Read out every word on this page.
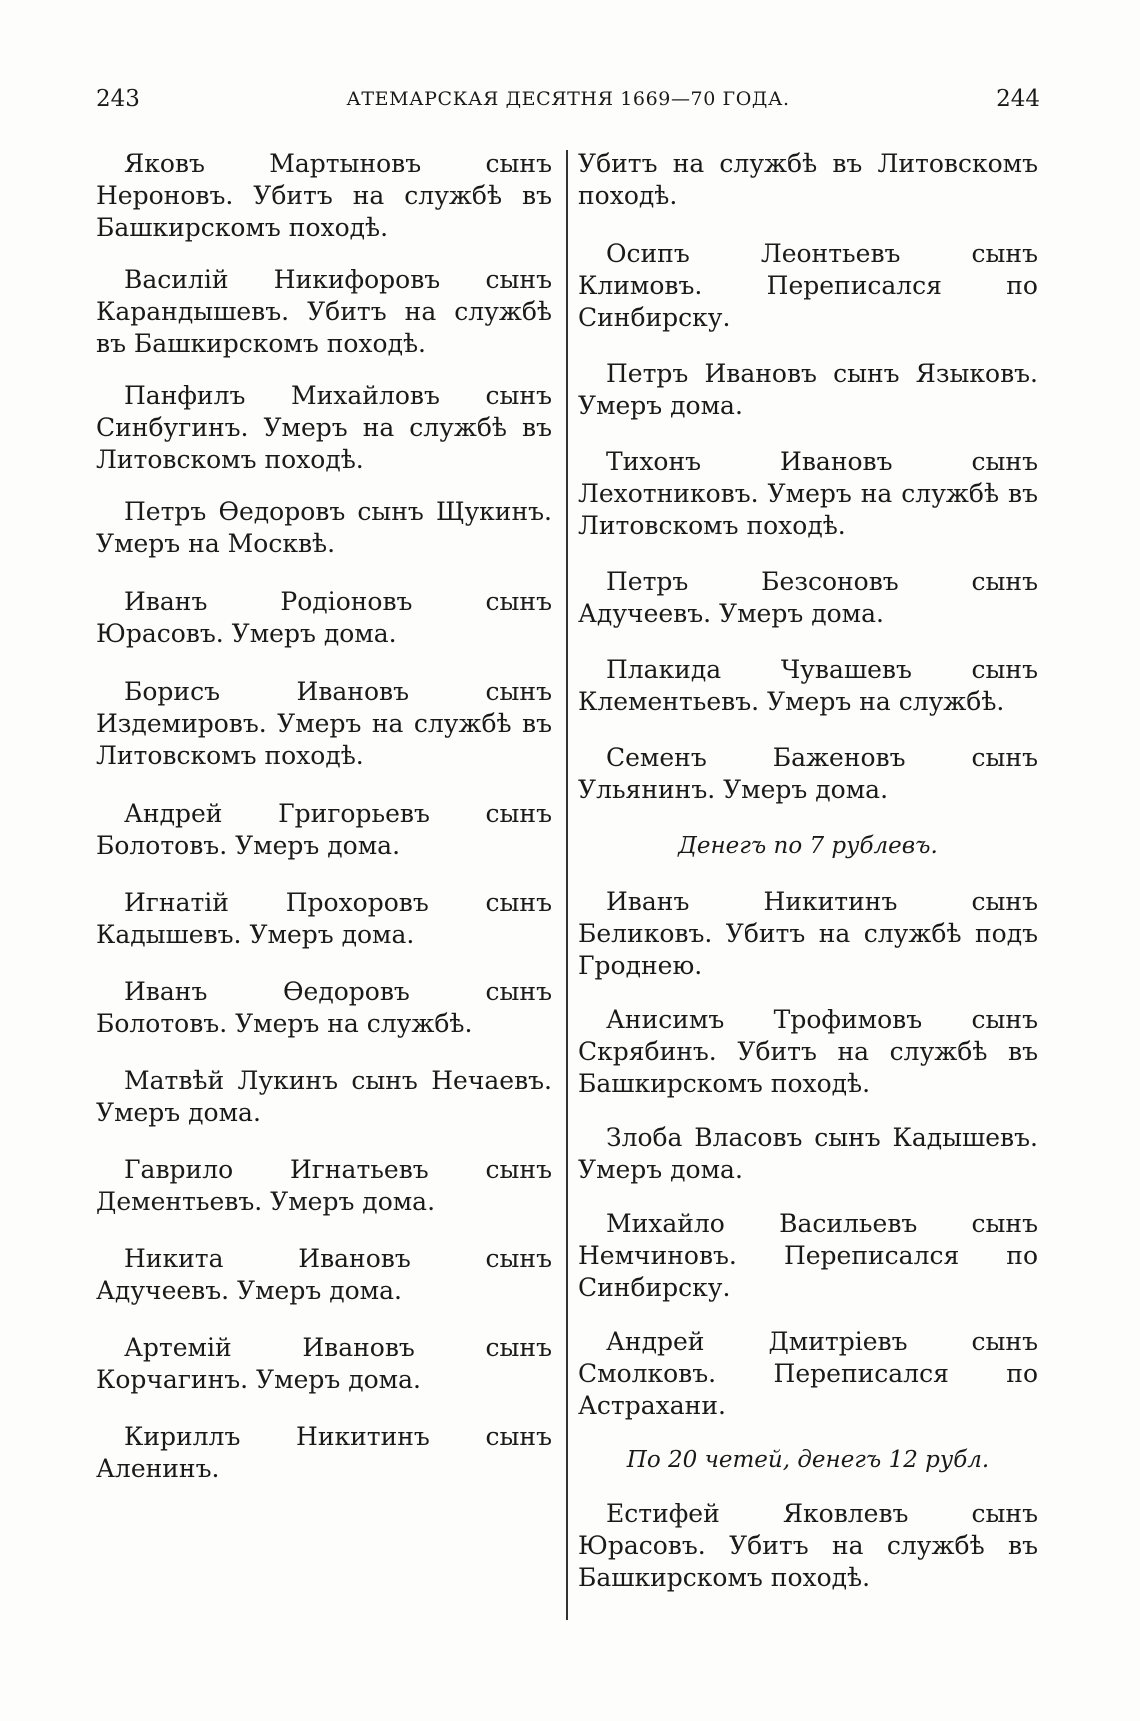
243	АТЕМАРСКАЯ ДЕСЯТНЯ 1669—70 ГОДА.	244

Яковъ Мартыновъ сынъ Нероновъ. Убитъ на службѣ въ Башкирскомъ походѣ.

Василій Никифоровъ сынъ Карандышевъ. Убитъ на службѣ въ Башкирскомъ походѣ.

Панфилъ Михайловъ сынъ Синбугинъ. Умеръ на службѣ въ Литовскомъ походѣ.

Петръ Өедоровъ сынъ Щукинъ. Умеръ на Москвѣ.

Иванъ Родіоновъ сынъ Юрасовъ. Умеръ дома.

Борисъ Ивановъ сынъ Издемировъ. Умеръ на службѣ въ Литовскомъ походѣ.

Андрей Григорьевъ сынъ Болотовъ. Умеръ дома.

Игнатій Прохоровъ сынъ Кадышевъ. Умеръ дома.

Иванъ Өедоровъ сынъ Болотовъ. Умеръ на службѣ.

Матвѣй Лукинъ сынъ Нечаевъ. Умеръ дома.

Гаврило Игнатьевъ сынъ Дементьевъ. Умеръ дома.

Никита Ивановъ сынъ Адучеевъ. Умеръ дома.

Артемій Ивановъ сынъ Корчагинъ. Умеръ дома.

Кириллъ Никитинъ сынъ Аленинъ.

Убитъ на службѣ въ Литовскомъ походѣ.

Осипъ Леонтьевъ сынъ Климовъ. Переписался по Синбирску.

Петръ Ивановъ сынъ Языковъ. Умеръ дома.

Тихонъ Ивановъ сынъ Лехотниковъ. Умеръ на службѣ въ Литовскомъ походѣ.

Петръ Безсоновъ сынъ Адучеевъ. Умеръ дома.

Плакида Чувашевъ сынъ Клементьевъ. Умеръ на службѣ.

Семенъ Баженовъ сынъ Ульянинъ. Умеръ дома.

Денегъ по 7 рублевъ.

Иванъ Никитинъ сынъ Беликовъ. Убитъ на службѣ подъ Гроднею.

Анисимъ Трофимовъ сынъ Скрябинъ. Убитъ на службѣ въ Башкирскомъ походѣ.

Злоба Власовъ сынъ Кадышевъ. Умеръ дома.

Михайло Васильевъ сынъ Немчиновъ. Переписался по Синбирску.

Андрей Дмитріевъ сынъ Смолковъ. Переписался по Астрахани.

По 20 четей, денегъ 12 рубл.

Естифей Яковлевъ сынъ Юрасовъ. Убитъ на службѣ въ Башкирскомъ походѣ.
